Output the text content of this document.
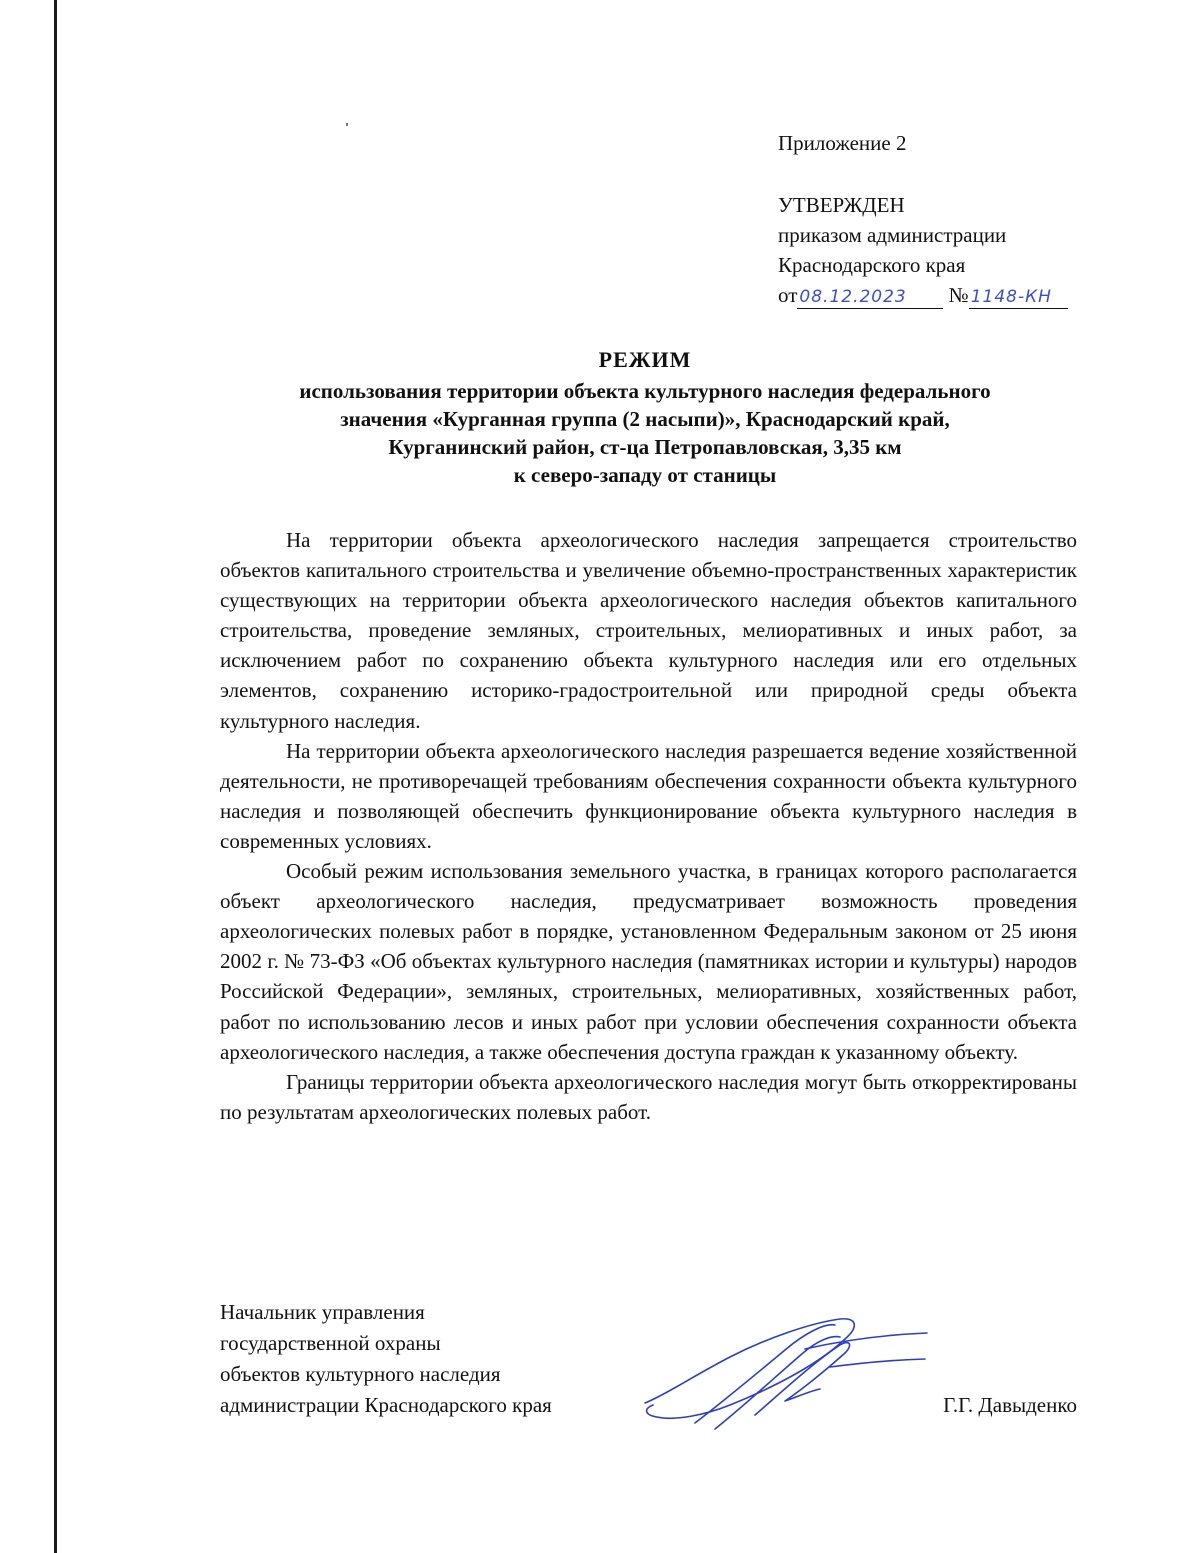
Приложение 2
УТВЕРЖДЕН
приказом администрации
Краснодарского края
от 08.12.2023 № 1148-КН
РЕЖИМ
использования территории объекта культурного наследия федерального
значения «Курганная группа (2 насыпи)», Краснодарский край,
Курганинский район, ст-ца Петропавловская, 3,35 км
к северо-западу от станицы

На территории объекта археологического наследия запрещается строительство объектов капитального строительства и увеличение объемно-пространственных характеристик существующих на территории объекта археологического наследия объектов капитального строительства, проведение земляных, строительных, мелиоративных и иных работ, за исключением работ по сохранению объекта культурного наследия или его отдельных элементов, сохранению историко-градостроительной или природной среды объекта культурного наследия.

На территории объекта археологического наследия разрешается ведение хозяйственной деятельности, не противоречащей требованиям обеспечения сохранности объекта культурного наследия и позволяющей обеспечить функционирование объекта культурного наследия в современных условиях.

Особый режим использования земельного участка, в границах которого располагается объект археологического наследия, предусматривает возможность проведения археологических полевых работ в порядке, установленном Федеральным законом от 25 июня 2002 г. № 73-ФЗ «Об объектах культурного наследия (памятниках истории и культуры) народов Российской Федерации», земляных, строительных, мелиоративных, хозяйственных работ, работ по использованию лесов и иных работ при условии обеспечения сохранности объекта археологического наследия, а также обеспечения доступа граждан к указанному объекту.

Границы территории объекта археологического наследия могут быть откорректированы по результатам археологических полевых работ.

Начальник управления
государственной охраны
объектов культурного наследия
администрации Краснодарского края	Г.Г. Давыденко
